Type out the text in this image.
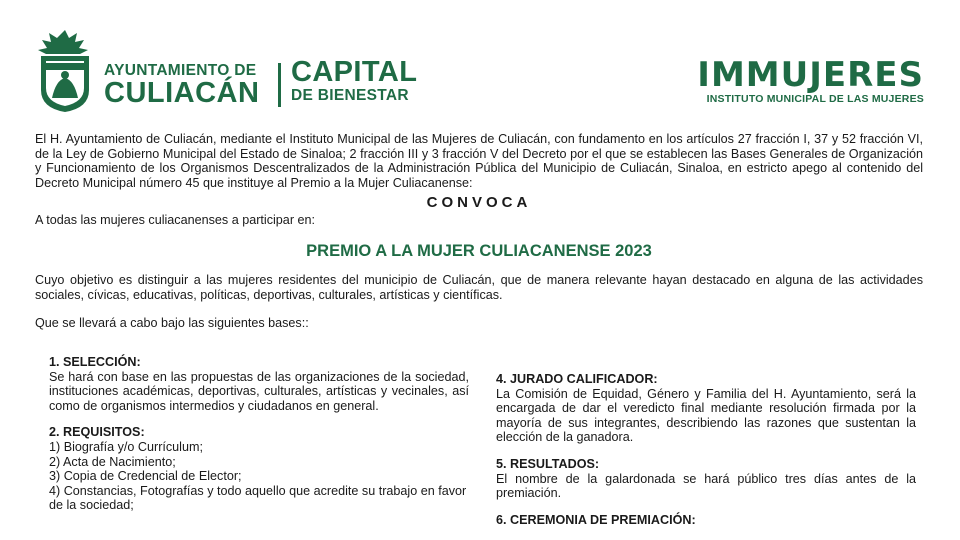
AYUNTAMIENTO DE
CULIACÁN
CAPITAL
DE BIENESTAR
IMMUJERES
INSTITUTO MUNICIPAL DE LAS MUJERES

El H. Ayuntamiento de Culiacán, mediante el Instituto Municipal de las Mujeres de Culiacán, con fundamento en los artículos 27 fracción I, 37 y 52 fracción VI, de la Ley de Gobierno Municipal del Estado de Sinaloa; 2 fracción III y 3 fracción V del Decreto por el que se establecen las Bases Generales de Organización y Funcionamiento de los Organismos Descentralizados de la Administración Pública del Municipio de Culiacán, Sinaloa, en estricto apego al contenido del Decreto Municipal número 45 que instituye al Premio a la Mujer Culiacanense:

CONVOCA

A todas las mujeres culiacanenses a participar en:

PREMIO A LA MUJER CULIACANENSE 2023

Cuyo objetivo es distinguir a las mujeres residentes del municipio de Culiacán, que de manera relevante hayan destacado en alguna de las actividades sociales, cívicas, educativas, políticas, deportivas, culturales, artísticas y científicas.

Que se llevará a cabo bajo las siguientes bases::

1. SELECCIÓN:

Se hará con base en las propuestas de las organizaciones de la sociedad, instituciones académicas, deportivas, culturales, artísticas y vecinales, así como de organismos intermedios y ciudadanos en general.

2. REQUISITOS:

1) Biografía y/o Currículum;
2) Acta de Nacimiento;
3) Copia de Credencial de Elector;
4) Constancias, Fotografías y todo aquello que acredite su trabajo en favor de la sociedad;

4. JURADO CALIFICADOR:

La Comisión de Equidad, Género y Familia del H. Ayuntamiento, será la encargada de dar el veredicto final mediante resolución firmada por la mayoría de sus integrantes, describiendo las razones que sustentan la elección de la ganadora.

5. RESULTADOS:

El nombre de la galardonada se hará público tres días antes de la premiación.

6. CEREMONIA DE PREMIACIÓN:
